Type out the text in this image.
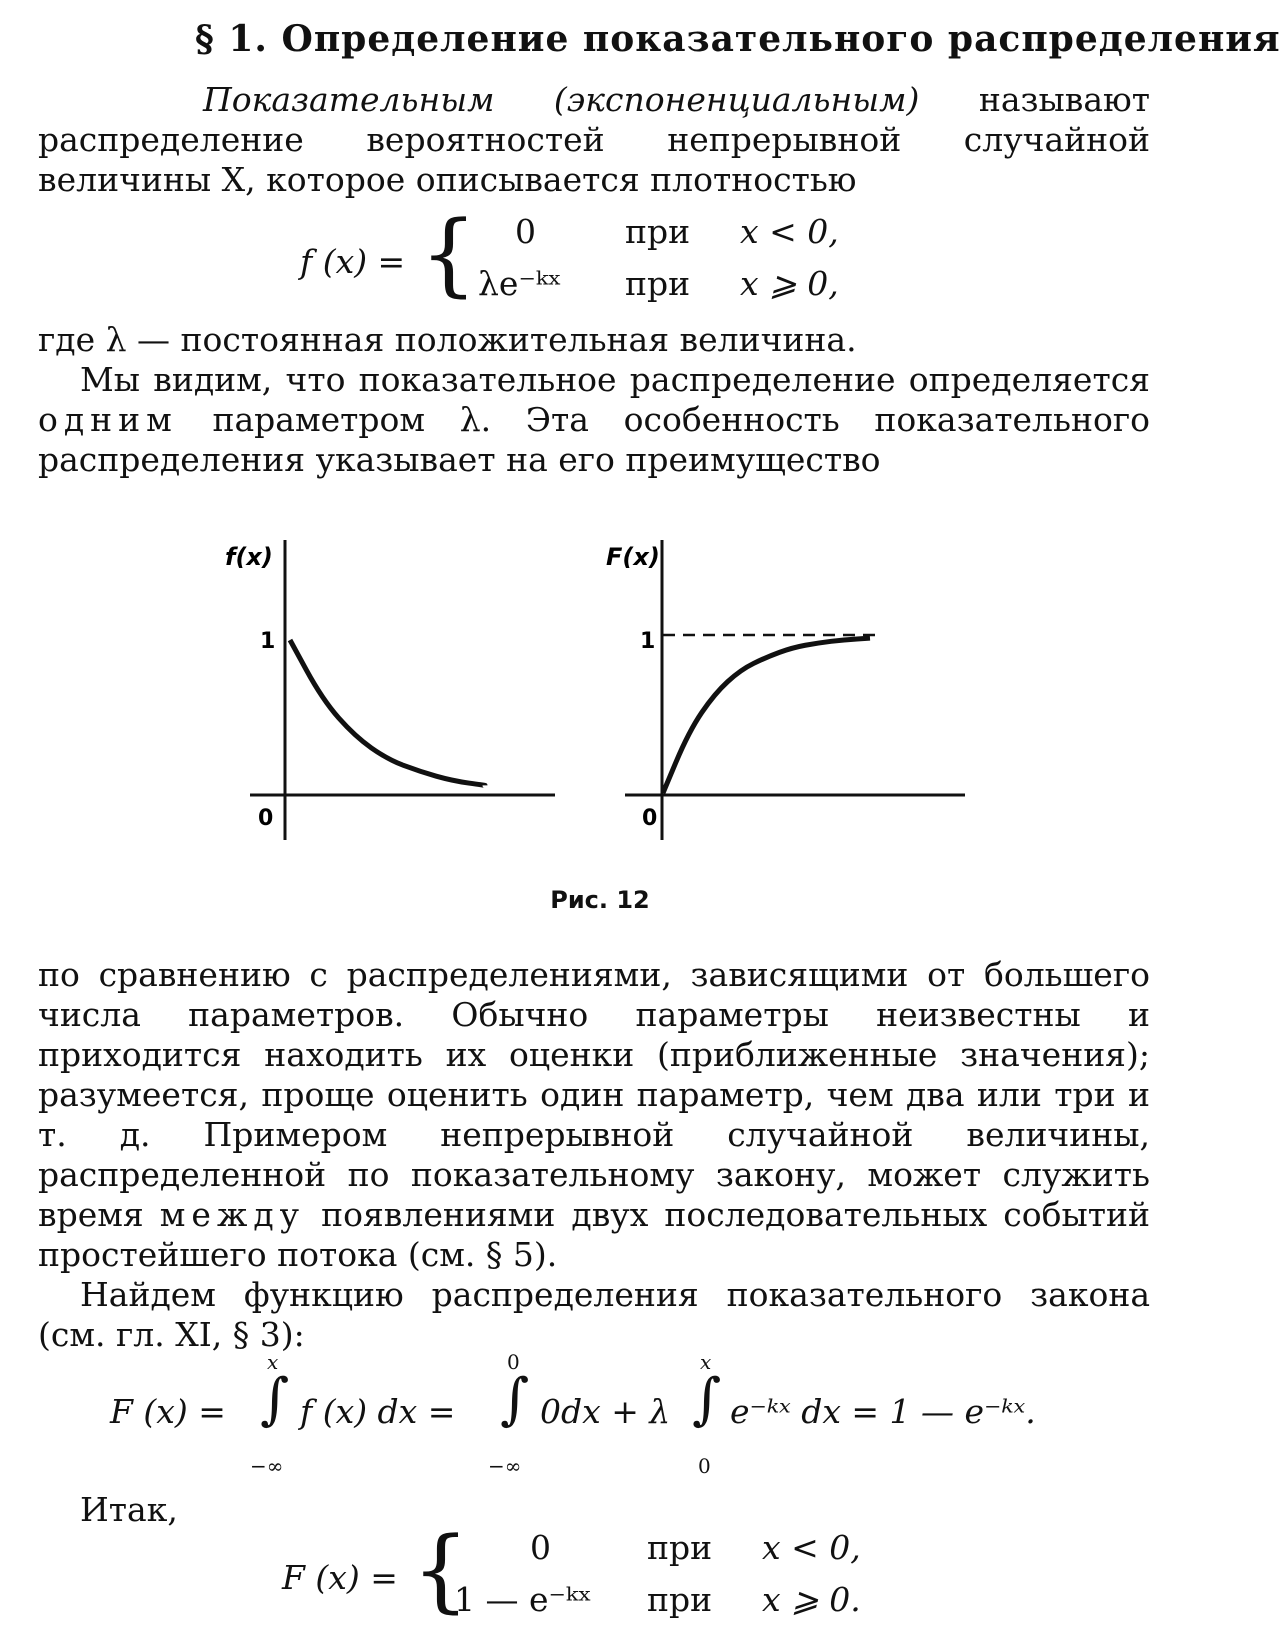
§ 1. Определение показательного распределения

Показательным (экспоненциальным) называют распределение вероятностей непрерывной случайной величины X, которое описывается плотностью

f (x) = { 0	при x < 0,
λe⁻ᵏˣ при x ⩾ 0,

где λ — постоянная положительная величина.

Мы видим, что показательное распределение определяется одним параметром λ. Эта особенность показательного распределения указывает на его преимущество

f(x)
1
0
F(x)
1
0
Рис. 12

по сравнению с распределениями, зависящими от большего числа параметров. Обычно параметры неизвестны и приходится находить их оценки (приближенные значения); разумеется, проще оценить один параметр, чем два или три и т. д. Примером непрерывной случайной величины, распределенной по показательному закону, может служить время между появлениями двух последовательных событий простейшего потока (см. § 5).

Найдем функцию распределения показательного закона (см. гл. XI, § 3):

F (x) =
x
∫
−∞
f (x) dx =
0
∫
−∞
0dx + λ
x
∫
0
e⁻ᵏˣ dx = 1 — e⁻ᵏˣ.

Итак,

F (x) = { 0	при x < 0,
1 — e⁻ᵏˣ при x ⩾ 0.
